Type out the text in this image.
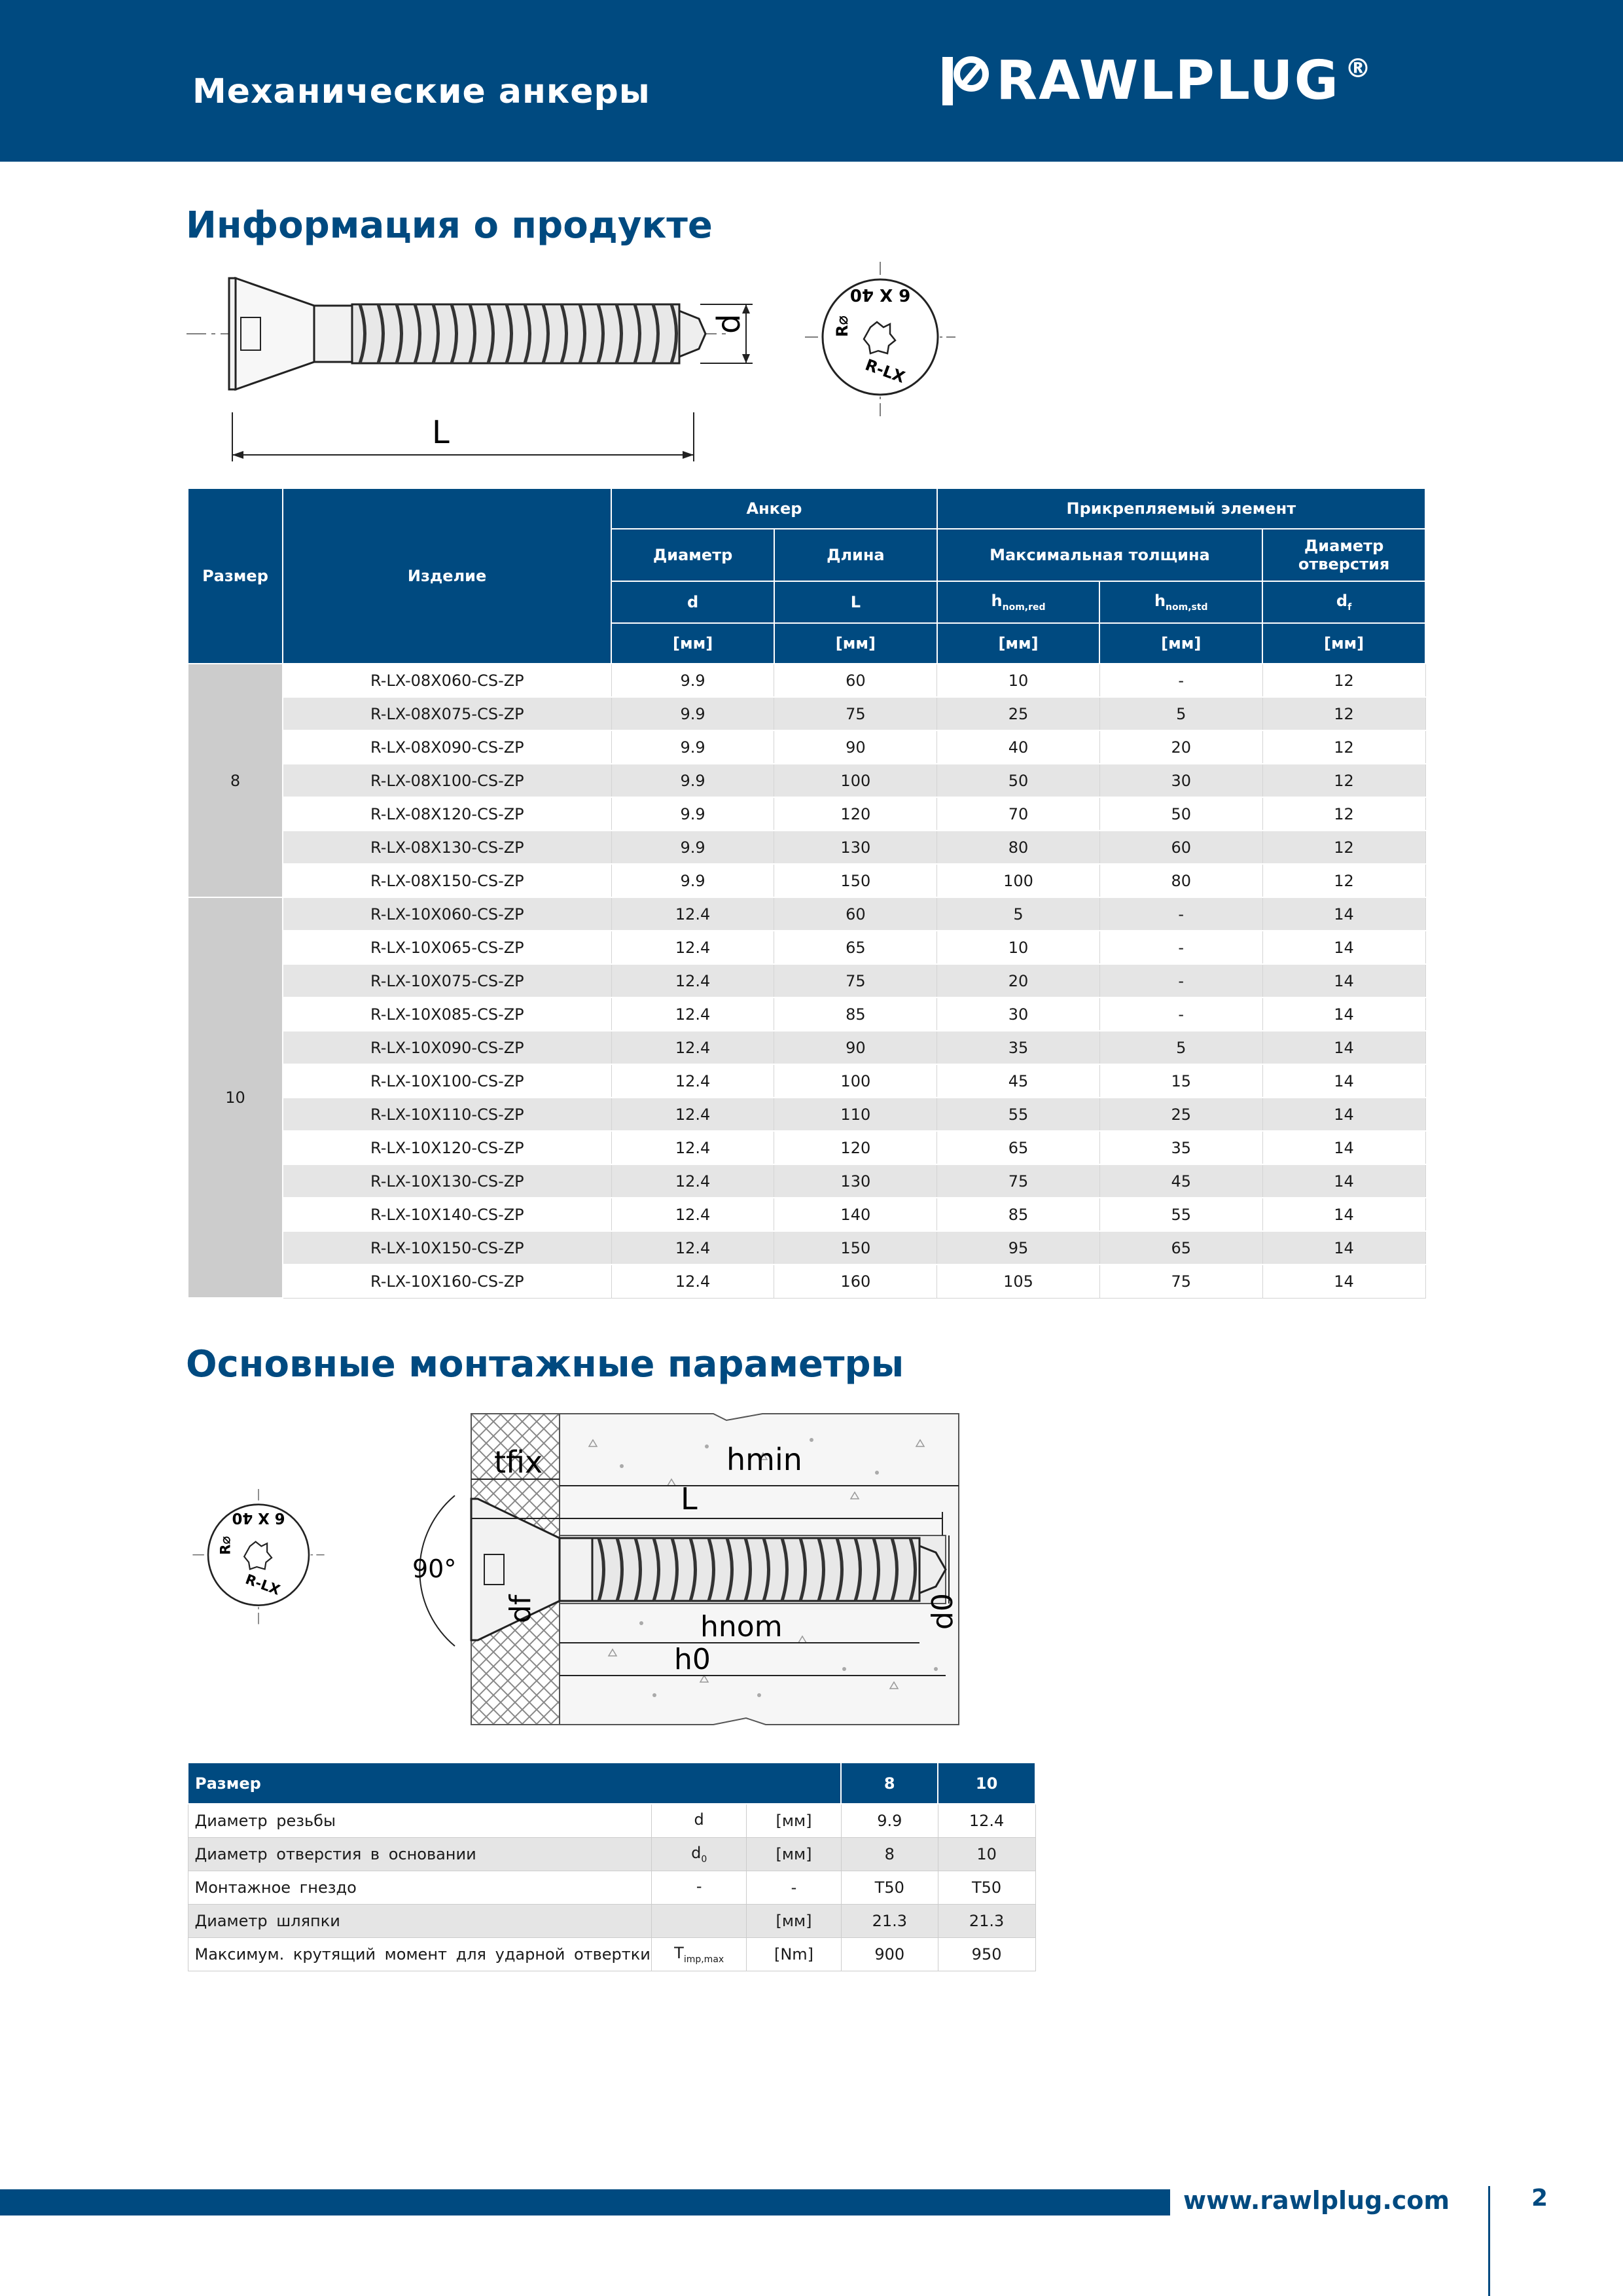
Механические анкеры	RAWLPLUG ®
Информация о продукте
d
L
6 X 40
R-LX
R⌀
Размер	Изделие	Анкер		Прикрепляемый элемент		
		Диаметр	Длина	Максимальная толщина		Диаметр отверстия
		d	L	$h_{nom,red}$	$h_{nom,std}$	$d_f$
		[мм]	[мм]	[мм]	[мм]	[мм]
8	R-LX-08X060-CS-ZP	9.9	60	10	-	12
	R-LX-08X075-CS-ZP	9.9	75	25	5	12
	R-LX-08X090-CS-ZP	9.9	90	40	20	12
	R-LX-08X100-CS-ZP	9.9	100	50	30	12
	R-LX-08X120-CS-ZP	9.9	120	70	50	12
	R-LX-08X130-CS-ZP	9.9	130	80	60	12
	R-LX-08X150-CS-ZP	9.9	150	100	80	12
10	R-LX-10X060-CS-ZP	12.4	60	5	-	14
	R-LX-10X065-CS-ZP	12.4	65	10	-	14
	R-LX-10X075-CS-ZP	12.4	75	20	-	14
	R-LX-10X085-CS-ZP	12.4	85	30	-	14
	R-LX-10X090-CS-ZP	12.4	90	35	5	14
	R-LX-10X100-CS-ZP	12.4	100	45	15	14
	R-LX-10X110-CS-ZP	12.4	110	55	25	14
	R-LX-10X120-CS-ZP	12.4	120	65	35	14
	R-LX-10X130-CS-ZP	12.4	130	75	45	14
	R-LX-10X140-CS-ZP	12.4	140	85	55	14
	R-LX-10X150-CS-ZP	12.4	150	95	65	14
	R-LX-10X160-CS-ZP	12.4	160	105	75	14
Основные монтажные параметры
6 X 40
R-LX
R⌀
tfix	hmin
L
90°
df
hnom
h0
d0
Размер			8	10
Диаметр резьбы	d	[мм]	9.9	12.4
Диаметр отверстия в основании	$d_0$	[мм]	8	10
Монтажное гнездо	-	-	T50	T50
Диаметр шляпки		[мм]	21.3	21.3
Максимум. крутящий момент для ударной отвертки	$T_{imp,max}$	[Nm]	900	950
www.rawlplug.com	2
